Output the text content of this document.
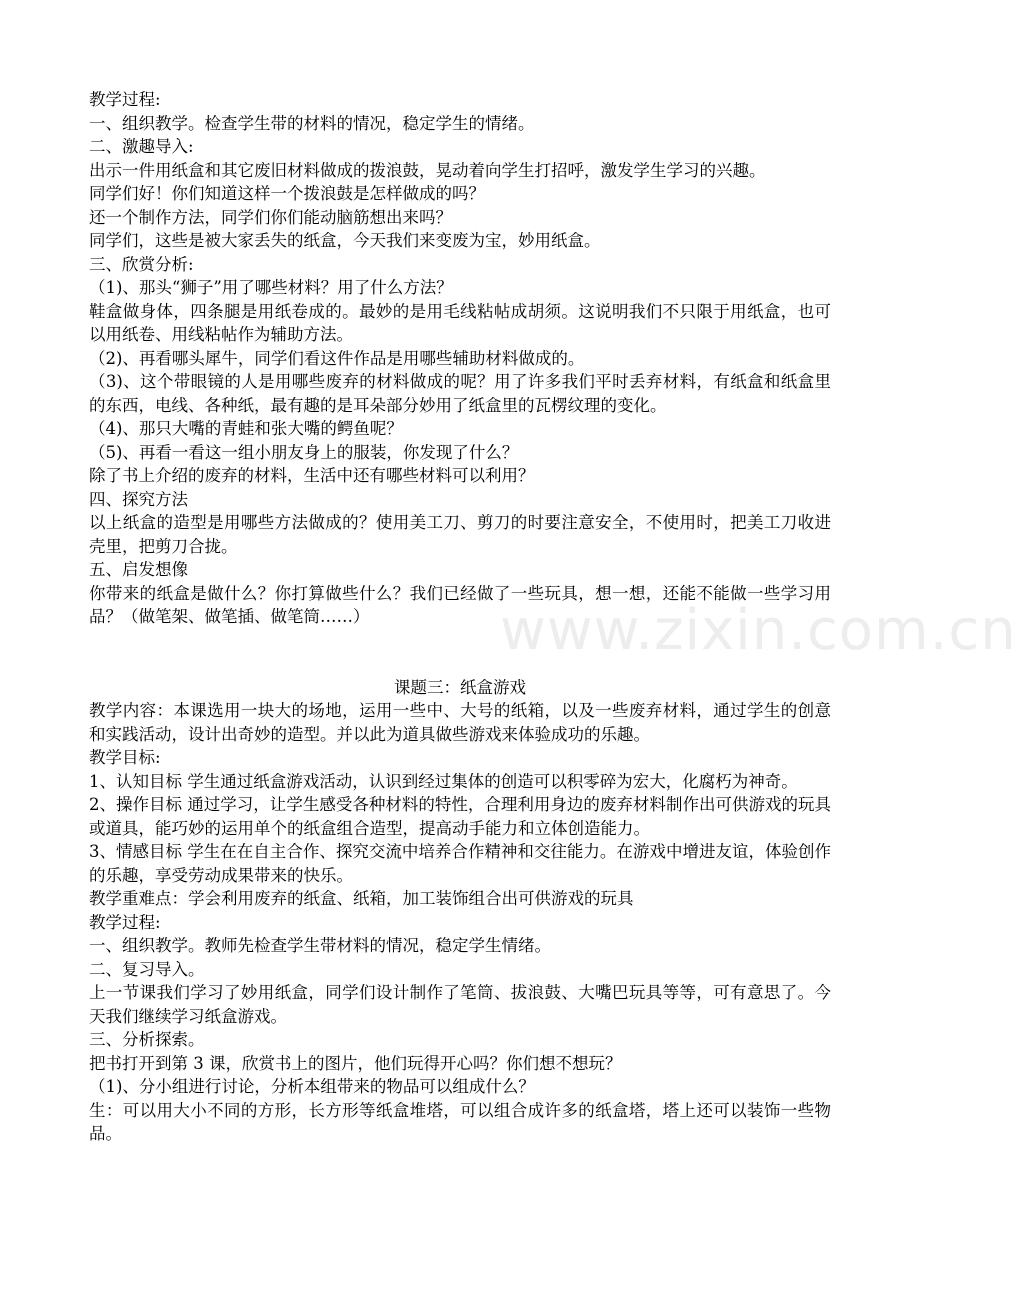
教学过程:
一、组织教学。检查学生带的材料的情况，稳定学生的情绪。
二、激趣导入:
出示一件用纸盒和其它废旧材料做成的拨浪鼓，晃动着向学生打招呼，激发学生学习的兴趣。
同学们好！你们知道这样一个拨浪鼓是怎样做成的吗？
还一个制作方法，同学们你们能动脑筋想出来吗？
同学们，这些是被大家丢失的纸盒，今天我们来变废为宝，妙用纸盒。
三、欣赏分析:
（1)、那头“狮子”用了哪些材料？用了什么方法？
鞋盒做身体，四条腿是用纸卷成的。最妙的是用毛线粘帖成胡须。这说明我们不只限于用纸盒，也可以用纸卷、用线粘帖作为辅助方法。
（2)、再看哪头犀牛，同学们看这件作品是用哪些辅助材料做成的。
（3)、这个带眼镜的人是用哪些废弃的材料做成的呢？用了许多我们平时丢弃材料，有纸盒和纸盒里的东西，电线、各种纸，最有趣的是耳朵部分妙用了纸盒里的瓦楞纹理的变化。
（4)、那只大嘴的青蛙和张大嘴的鳄鱼呢？
（5)、再看一看这一组小朋友身上的服装，你发现了什么？
除了书上介绍的废弃的材料，生活中还有哪些材料可以利用？
四、探究方法
以上纸盒的造型是用哪些方法做成的？使用美工刀、剪刀的时要注意安全，不使用时，把美工刀收进壳里，把剪刀合拢。
五、启发想像
你带来的纸盒是做什么？你打算做些什么？我们已经做了一些玩具，想一想，还能不能做一些学习用品？（做笔架、做笔插、做笔筒……）
课题三：纸盒游戏
教学内容：本课选用一块大的场地，运用一些中、大号的纸箱，以及一些废弃材料，通过学生的创意和实践活动，设计出奇妙的造型。并以此为道具做些游戏来体验成功的乐趣。
教学目标:
1、认知目标 学生通过纸盒游戏活动，认识到经过集体的创造可以积零碎为宏大，化腐朽为神奇。
2、操作目标 通过学习，让学生感受各种材料的特性，合理利用身边的废弃材料制作出可供游戏的玩具或道具，能巧妙的运用单个的纸盒组合造型，提高动手能力和立体创造能力。
3、情感目标 学生在在自主合作、探究交流中培养合作精神和交往能力。在游戏中增进友谊，体验创作的乐趣，享受劳动成果带来的快乐。
教学重难点：学会利用废弃的纸盒、纸箱，加工装饰组合出可供游戏的玩具
教学过程:
一、组织教学。教师先检查学生带材料的情况，稳定学生情绪。
二、复习导入。
上一节课我们学习了妙用纸盒，同学们设计制作了笔筒、拔浪鼓、大嘴巴玩具等等，可有意思了。今天我们继续学习纸盒游戏。
三、分析探索。
把书打开到第 3 课，欣赏书上的图片，他们玩得开心吗？你们想不想玩？
（1)、分小组进行讨论，分析本组带来的物品可以组成什么？
生：可以用大小不同的方形，长方形等纸盒堆塔，可以组合成许多的纸盒塔，塔上还可以装饰一些物品。
www.zixin.com.cn
